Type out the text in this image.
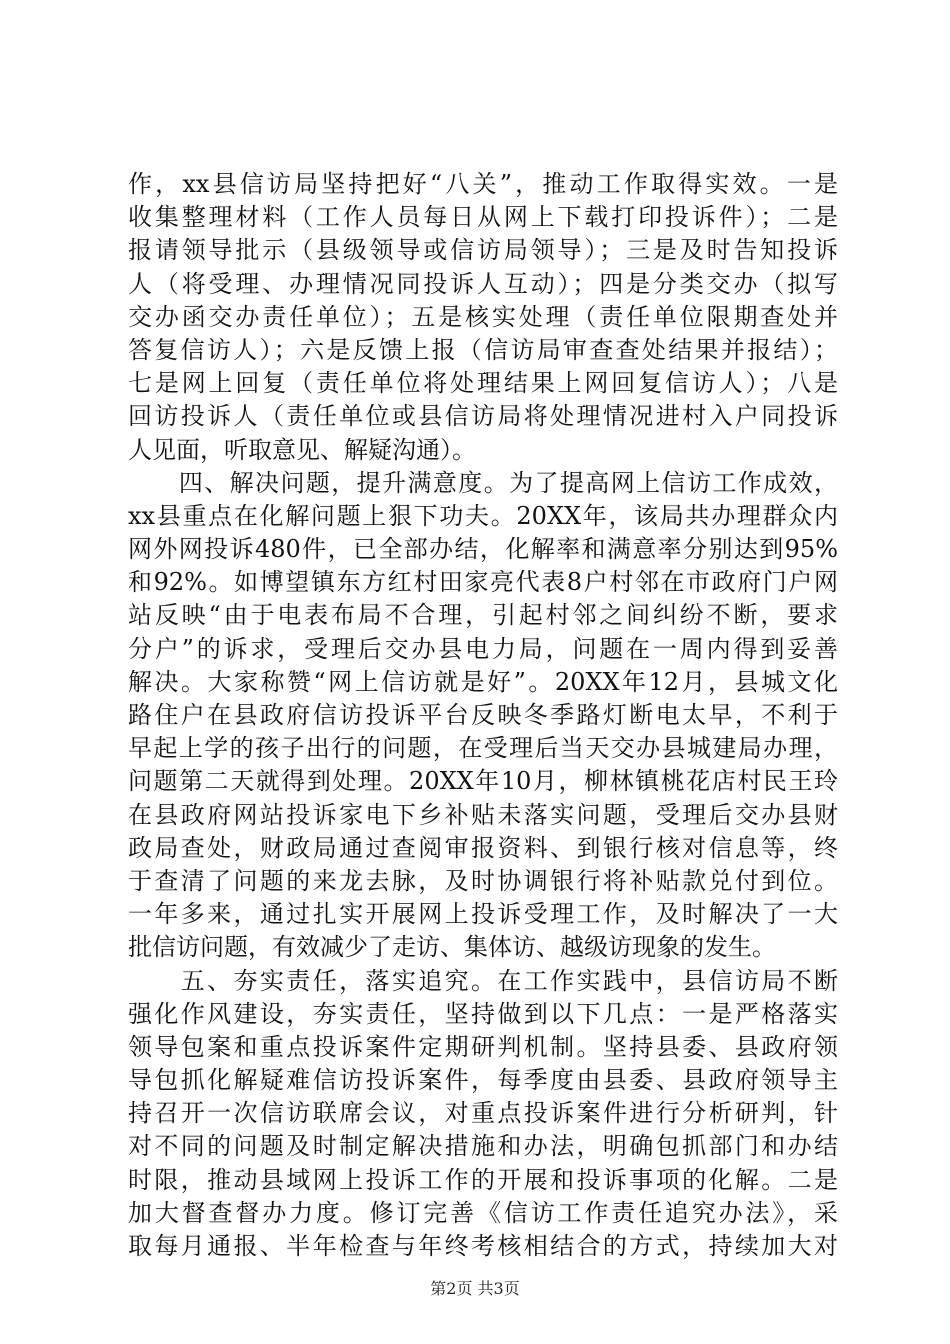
作，xx县信访局坚持把好“八关”，推动工作取得实效。一是
收集整理材料（工作人员每日从网上下载打印投诉件）；二是
报请领导批示（县级领导或信访局领导）；三是及时告知投诉
人（将受理、办理情况同投诉人互动）；四是分类交办（拟写
交办函交办责任单位）；五是核实处理（责任单位限期查处并
答复信访人）；六是反馈上报（信访局审查查处结果并报结）；
七是网上回复（责任单位将处理结果上网回复信访人）；八是
回访投诉人（责任单位或县信访局将处理情况进村入户同投诉
人见面，听取意见、解疑沟通）。
　　四、解决问题，提升满意度。为了提高网上信访工作成效，
xx县重点在化解问题上狠下功夫。20XX年，该局共办理群众内
网外网投诉480件，已全部办结，化解率和满意率分别达到95%
和92%。如博望镇东方红村田家亮代表8户村邻在市政府门户网
站反映“由于电表布局不合理，引起村邻之间纠纷不断，要求
分户”的诉求，受理后交办县电力局，问题在一周内得到妥善
解决。大家称赞“网上信访就是好”。20XX年12月，县城文化
路住户在县政府信访投诉平台反映冬季路灯断电太早，不利于
早起上学的孩子出行的问题，在受理后当天交办县城建局办理，
问题第二天就得到处理。20XX年10月，柳林镇桃花店村民王玲
在县政府网站投诉家电下乡补贴未落实问题，受理后交办县财
政局查处，财政局通过查阅审报资料、到银行核对信息等，终
于查清了问题的来龙去脉，及时协调银行将补贴款兑付到位。
一年多来，通过扎实开展网上投诉受理工作，及时解决了一大
批信访问题，有效减少了走访、集体访、越级访现象的发生。
　　五、夯实责任，落实追究。在工作实践中，县信访局不断
强化作风建设，夯实责任，坚持做到以下几点：一是严格落实
领导包案和重点投诉案件定期研判机制。坚持县委、县政府领
导包抓化解疑难信访投诉案件，每季度由县委、县政府领导主
持召开一次信访联席会议，对重点投诉案件进行分析研判，针
对不同的问题及时制定解决措施和办法，明确包抓部门和办结
时限，推动县域网上投诉工作的开展和投诉事项的化解。二是
加大督查督办力度。修订完善《信访工作责任追究办法》，采
取每月通报、半年检查与年终考核相结合的方式，持续加大对
第2页 共3页
